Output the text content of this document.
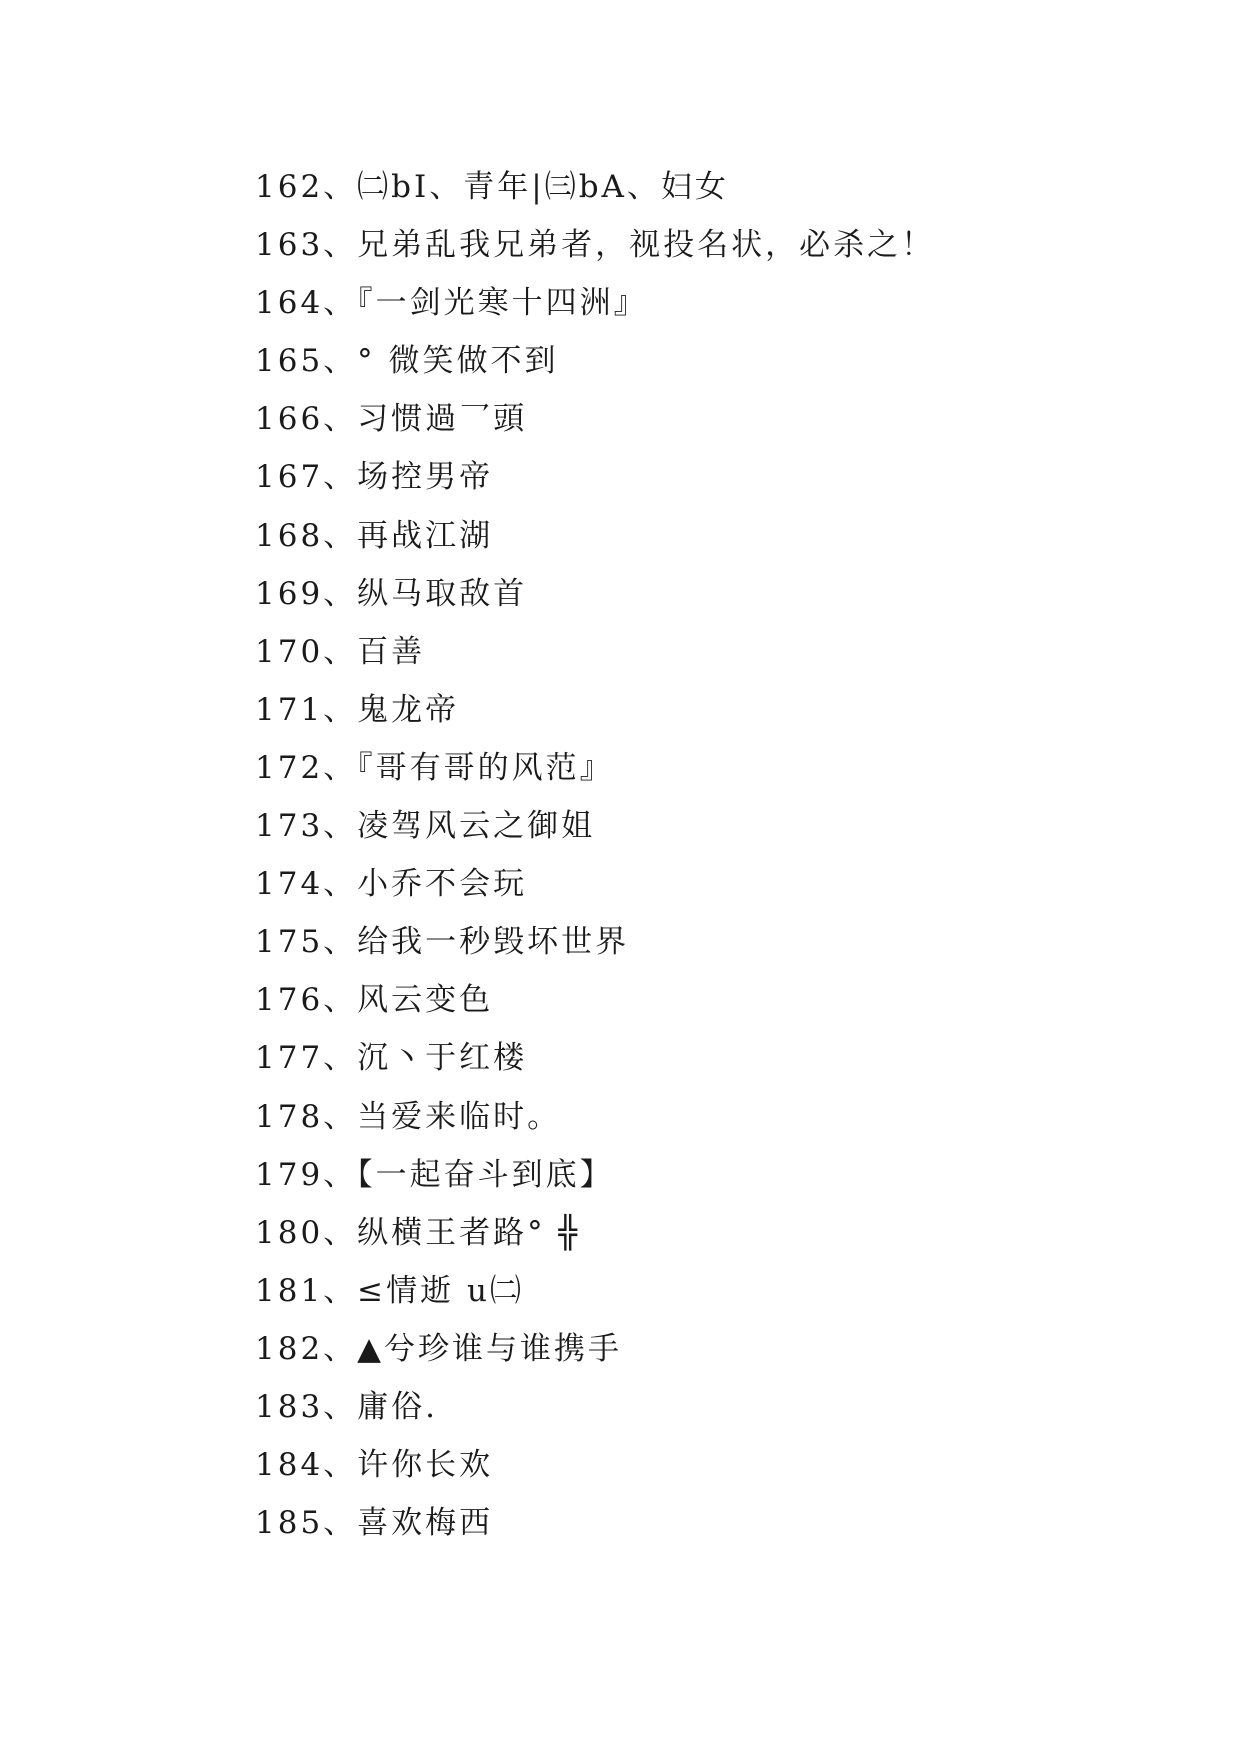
162、㈡bI、青年|㈢bA、妇女
163、兄弟乱我兄弟者，视投名状，必杀之！
164、『一剑光寒十四洲』
165、° 微笑做不到
166、习惯過乛頭
167、场控男帝
168、再战江湖
169、纵马取敌首
170、百善
171、鬼龙帝
172、『哥有哥的风范』
173、凌驾风云之御姐
174、小乔不会玩
175、给我一秒毁坏世界
176、风云变色
177、沉丶于红楼
178、当爱来临时。
179、【一起奋斗到底】
180、纵横王者路° ╬
181、≤情逝 u㈡
182、▲兮珍谁与谁携手
183、庸俗.
184、许你长欢
185、喜欢梅西
